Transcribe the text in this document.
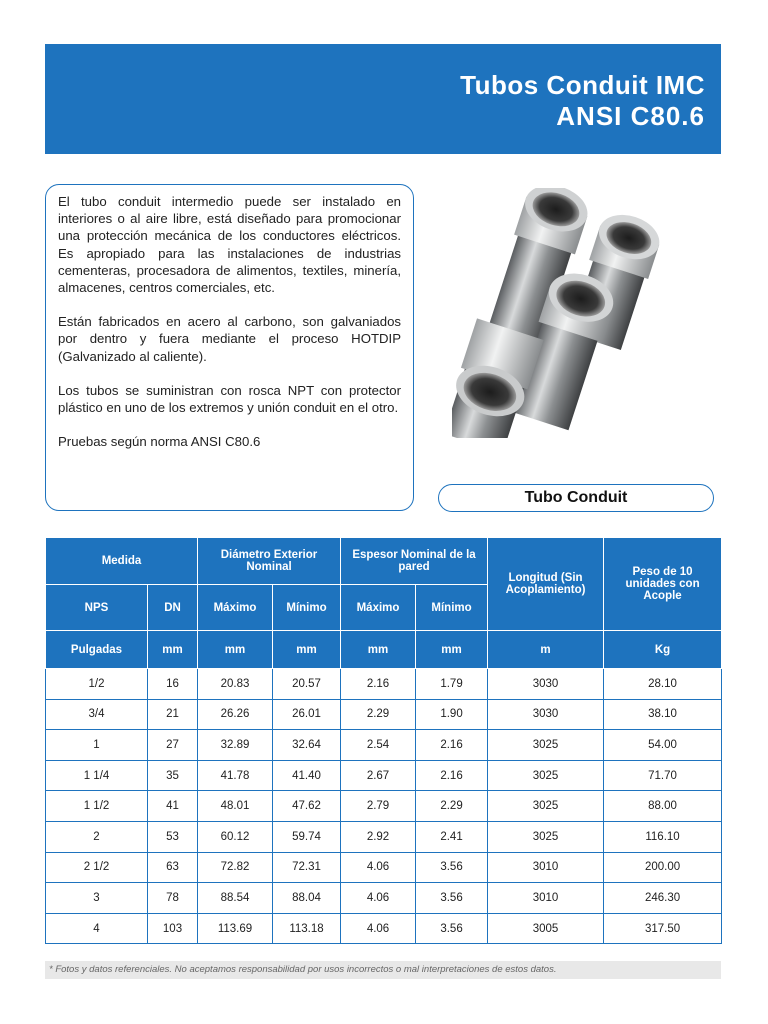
Tubos Conduit IMC
ANSI C80.6

El tubo conduit intermedio puede ser instalado en interiores o al aire libre, está diseñado para promocionar una protección mecánica de los conductores eléctricos. Es apropiado para las instalaciones de industrias cementeras, procesadora de alimentos, textiles, minería, almacenes, centros comerciales, etc.

Están fabricados en acero al carbono, son galvaniados por dentro y fuera mediante el proceso HOTDIP (Galvanizado al caliente).

Los tubos se suministran con rosca NPT con protector plástico en uno de los extremos y unión conduit en el otro.

Pruebas según norma ANSI C80.6

Tubo Conduit
Medida		Diámetro Exterior Nominal		Espesor Nominal de la pared		Longitud (Sin Acoplamiento)	Peso de 10 unidades con Acople
NPS	DN	Máximo	Mínimo	Máximo	Mínimo		
Pulgadas	mm	mm	mm	mm	mm	m	Kg
1/2	16	20.83	20.57	2.16	1.79	3030	28.10
3/4	21	26.26	26.01	2.29	1.90	3030	38.10
1	27	32.89	32.64	2.54	2.16	3025	54.00
1 1/4	35	41.78	41.40	2.67	2.16	3025	71.70
1 1/2	41	48.01	47.62	2.79	2.29	3025	88.00
2	53	60.12	59.74	2.92	2.41	3025	116.10
2 1/2	63	72.82	72.31	4.06	3.56	3010	200.00
3	78	88.54	88.04	4.06	3.56	3010	246.30
4	103	113.69	113.18	4.06	3.56	3005	317.50
* Fotos y datos referenciales. No aceptamos responsabilidad por usos incorrectos o mal interpretaciones de estos datos.
